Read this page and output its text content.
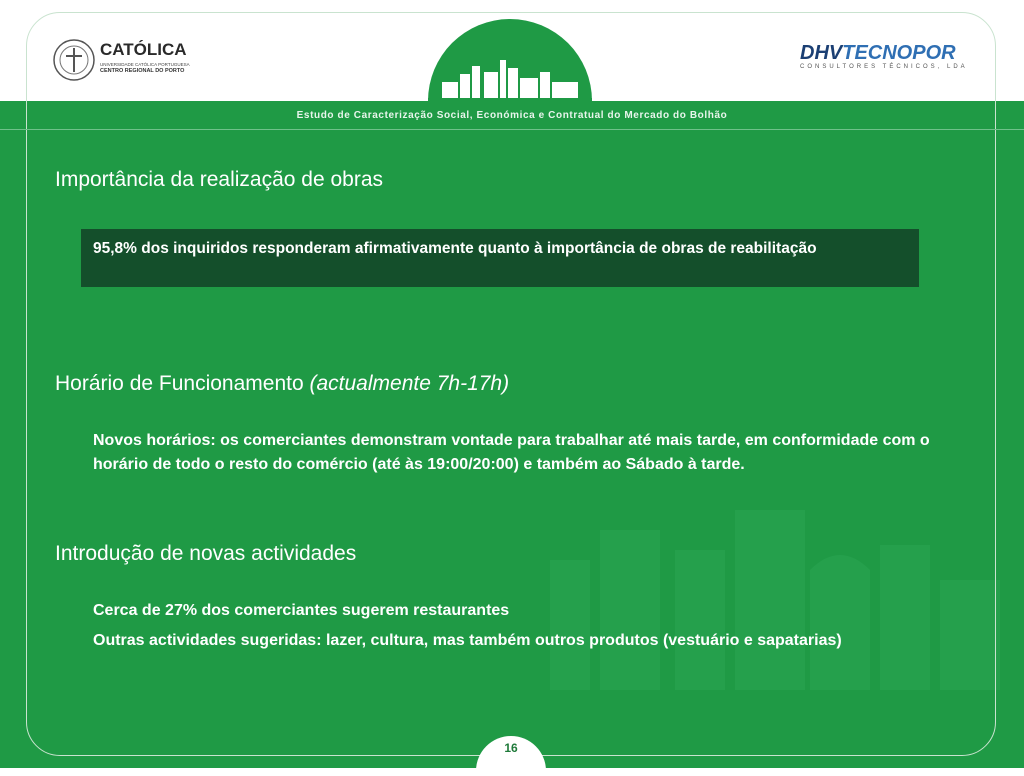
CATÓLICA
UNIVERSIDADE CATÓLICA PORTUGUESA
CENTRO REGIONAL DO PORTO
DHVTECNOPOR
CONSULTORES TÉCNICOS, LDA
Estudo de Caracterização Social, Económica e Contratual do Mercado do Bolhão
Importância da realização de obras
95,8% dos inquiridos responderam afirmativamente quanto à importância de obras de reabilitação
Horário de Funcionamento (actualmente 7h-17h)
Novos horários: os comerciantes demonstram vontade para trabalhar até mais tarde, em conformidade com o horário de todo o resto do comércio (até às 19:00/20:00) e também ao Sábado à tarde.
Introdução de novas actividades
Cerca de 27% dos comerciantes sugerem restaurantes
Outras actividades sugeridas: lazer, cultura, mas também outros produtos (vestuário e sapatarias)
16
